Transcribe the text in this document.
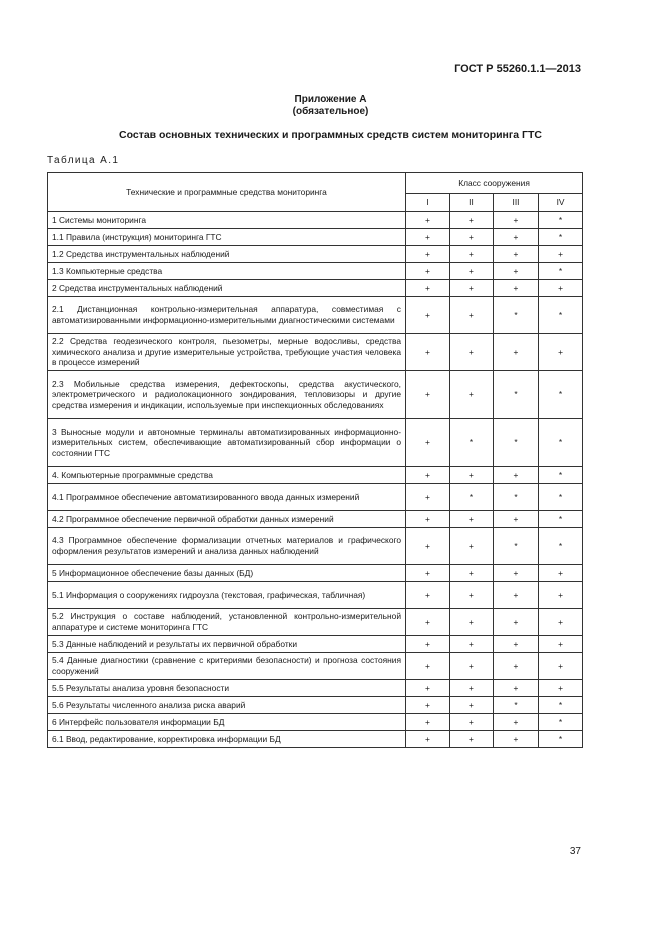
ГОСТ Р 55260.1.1—2013
Приложение А
(обязательное)
Состав основных технических и программных средств систем мониторинга ГТС
Таблица А.1
Технические и программные средства мониторинга	Класс сооружения			
	I	II	III	IV
1 Системы мониторинга	+	+	+	*
1.1 Правила (инструкция) мониторинга ГТС	+	+	+	*
1.2 Средства инструментальных наблюдений	+	+	+	+
1.3 Компьютерные средства	+	+	+	*
2 Средства инструментальных наблюдений	+	+	+	+
2.1 Дистанционная контрольно-измерительная аппаратура, совместимая с автоматизированными информационно-измерительными диагностическими системами	+	+	*	*
2.2 Средства геодезического контроля, пьезометры, мерные водосливы, средства химического анализа и другие измерительные устройства, требующие участия человека в процессе измерений	+	+	+	+
2.3 Мобильные средства измерения, дефектоскопы, средства акустического, электрометрического и радиолокационного зондирования, тепловизоры и другие средства измерения и индикации, используемые при инспекционных обследованиях	+	+	*	*
3 Выносные модули и автономные терминалы автоматизированных информационно-измерительных систем, обеспечивающие автоматизированный сбор информации о состоянии ГТС	+	*	*	*
4. Компьютерные программные средства	+	+	+	*
4.1 Программное обеспечение автоматизированного ввода данных измерений	+	*	*	*
4.2 Программное обеспечение первичной обработки данных измерений	+	+	+	*
4.3 Программное обеспечение формализации отчетных материалов и графического оформления результатов измерений и анализа данных наблюдений	+	+	*	*
5 Информационное обеспечение базы данных (БД)	+	+	+	+
5.1 Информация о сооружениях гидроузла (текстовая, графическая, табличная)	+	+	+	+
5.2 Инструкция о составе наблюдений, установленной контрольно-измерительной аппаратуре и системе мониторинга ГТС	+	+	+	+
5.3 Данные наблюдений и результаты их первичной обработки	+	+	+	+
5.4 Данные диагностики (сравнение с критериями безопасности) и прогноза состояния сооружений	+	+	+	+
5.5 Результаты анализа уровня безопасности	+	+	+	+
5.6 Результаты численного анализа риска аварий	+	+	*	*
6 Интерфейс пользователя информации БД	+	+	+	*
6.1 Ввод, редактирование, корректировка информации БД	+	+	+	*
37
